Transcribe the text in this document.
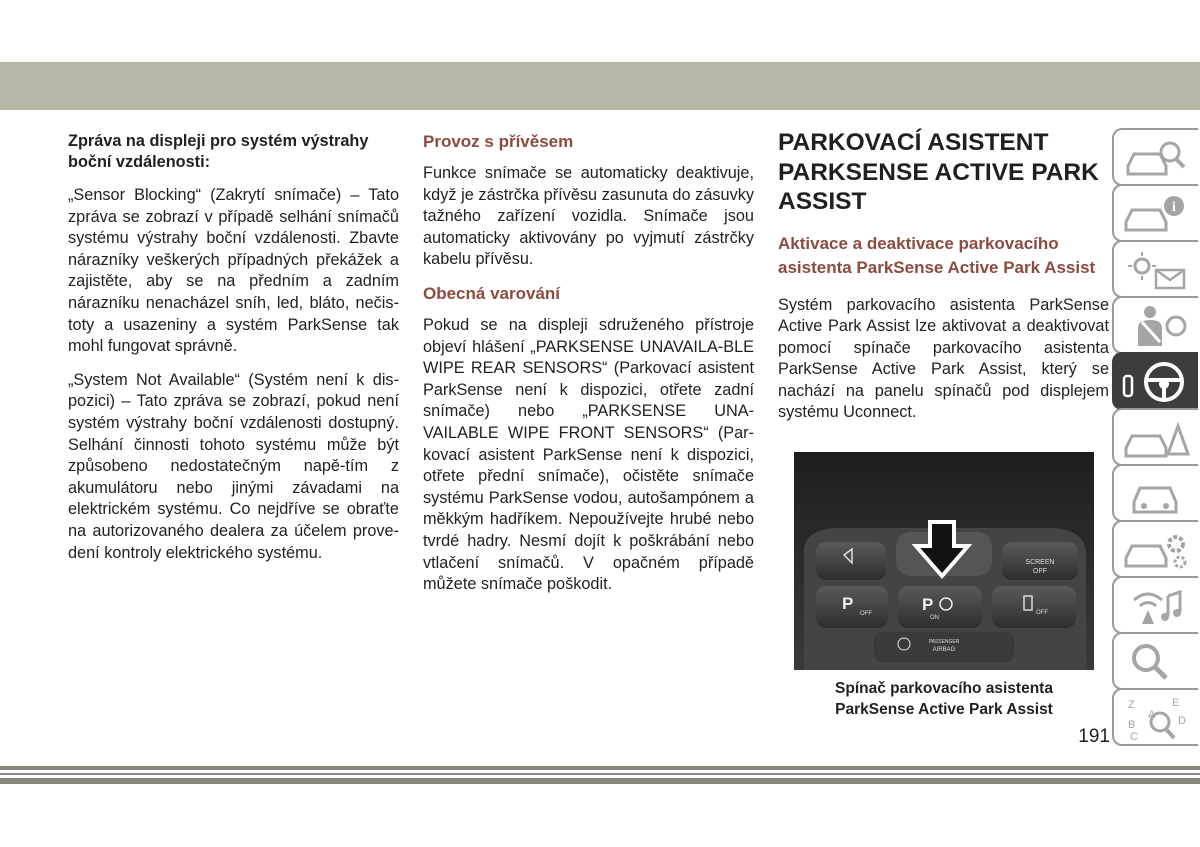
Zpráva na displeji pro systém výstrahy boční vzdálenosti:

„Sensor Blocking“ (Zakrytí snímače) – Tato zpráva se zobrazí v případě selhání snímačů systému výstrahy boční vzdálenosti. Zbavte nárazníky veškerých případných překážek a zajistěte, aby se na předním a zadním nárazníku nenacházel sníh, led, bláto, nečis-toty a usazeniny a systém ParkSense tak mohl fungovat správně.

„System Not Available“ (Systém není k dis-pozici) – Tato zpráva se zobrazí, pokud není systém výstrahy boční vzdálenosti dostupný. Selhání činnosti tohoto systému může být způsobeno nedostatečným napě-tím z akumulátoru nebo jinými závadami na elektrickém systému. Co nejdříve se obraťte na autorizovaného dealera za účelem prove-dení kontroly elektrického systému.

Provoz s přívěsem

Funkce snímače se automaticky deaktivuje, když je zástrčka přívěsu zasunuta do zásuvky tažného zařízení vozidla. Snímače jsou automaticky aktivovány po vyjmutí zástrčky kabelu přívěsu.

Obecná varování

Pokud se na displeji sdruženého přístroje objeví hlášení „PARKSENSE UNAVAILA-BLE WIPE REAR SENSORS“ (Parkovací asistent ParkSense není k dispozici, otřete zadní snímače) nebo „PARKSENSE UNA-VAILABLE WIPE FRONT SENSORS“ (Par-kovací asistent ParkSense není k dispozici, otřete přední snímače), očistěte snímače systému ParkSense vodou, autošampónem a měkkým hadříkem. Nepoužívejte hrubé nebo tvrdé hadry. Nesmí dojít k poškrábání nebo vtlačení snímačů. V opačném případě můžete snímače poškodit.

PARKOVACÍ ASISTENT PARKSENSE ACTIVE PARK ASSIST
Aktivace a deaktivace parkovacího asistenta ParkSense Active Park Assist

Systém parkovacího asistenta ParkSense Active Park Assist lze aktivovat a deaktivovat pomocí spínače parkovacího asistenta ParkSense Active Park Assist, který se nachází na panelu spínačů pod displejem systému Uconnect.

SCREEN
OFF
P
OFF	P
ON
OFF
PASSENGER
AIRBAG
Spínač parkovacího asistenta ParkSense Active Park Assist
191
i
Z
A
B
C
E
D
